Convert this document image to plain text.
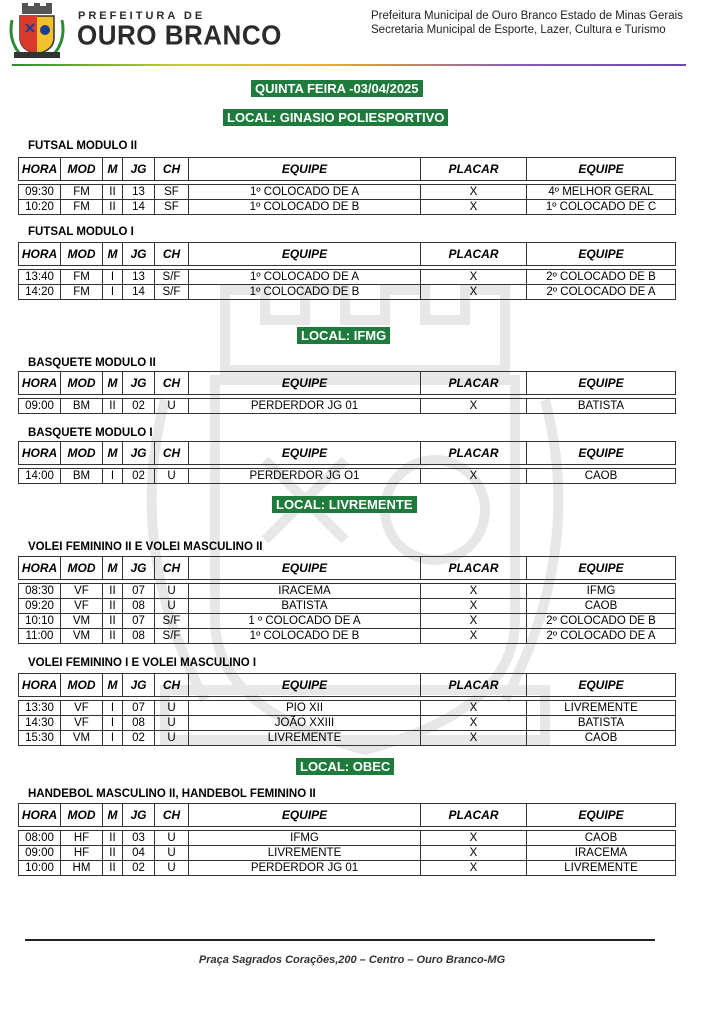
PREFEITURA DE
OURO BRANCO
Prefeitura Municipal de Ouro Branco Estado de Minas Gerais
Secretaria Municipal de Esporte, Lazer, Cultura e Turismo
QUINTA FEIRA -03/04/2025
LOCAL: GINASIO POLIESPORTIVO
FUTSAL MODULO II
HORA	MOD	M	JG	CH	EQUIPE	PLACAR	EQUIPE

09:30	FM	II	13	SF	1º COLOCADO DE A	X	4º MELHOR GERAL
10:20	FM	II	14	SF	1º COLOCADO DE B	X	1º COLOCADO DE C
FUTSAL MODULO I
HORA	MOD	M	JG	CH	EQUIPE	PLACAR	EQUIPE

13:40	FM	I	13	S/F	1º COLOCADO DE A	X	2º COLOCADO DE B
14:20	FM	I	14	S/F	1º COLOCADO DE B	X	2º COLOCADO DE A
LOCAL: IFMG
BASQUETE MODULO II
HORA	MOD	M	JG	CH	EQUIPE	PLACAR	EQUIPE

09:00	BM	II	02	U	PERDERDOR JG 01	X	BATISTA
BASQUETE MODULO I
HORA	MOD	M	JG	CH	EQUIPE	PLACAR	EQUIPE

14:00	BM	I	02	U	PERDERDOR JG O1	X	CAOB
LOCAL: LIVREMENTE
VOLEI FEMININO II E VOLEI MASCULINO II
HORA	MOD	M	JG	CH	EQUIPE	PLACAR	EQUIPE

08:30	VF	II	07	U	IRACEMA	X	IFMG
09:20	VF	II	08	U	BATISTA	X	CAOB
10:10	VM	II	07	S/F	1 º COLOCADO DE A	X	2º COLOCADO DE B
11:00	VM	II	08	S/F	1º COLOCADO DE B	X	2º COLOCADO DE A
VOLEI FEMININO I E VOLEI MASCULINO I
HORA	MOD	M	JG	CH	EQUIPE	PLACAR	EQUIPE

13:30	VF	I	07	U	PIO XII	X	LIVREMENTE
14:30	VF	I	08	U	JOÃO XXIII	X	BATISTA
15:30	VM	I	02	U	LIVREMENTE	X	CAOB
LOCAL: OBEC
HANDEBOL MASCULINO II, HANDEBOL FEMININO II
HORA	MOD	M	JG	CH	EQUIPE	PLACAR	EQUIPE

08:00	HF	II	03	U	IFMG	X	CAOB
09:00	HF	II	04	U	LIVREMENTE	X	IRACEMA
10:00	HM	II	02	U	PERDERDOR JG 01	X	LIVREMENTE
Praça Sagrados Corações,200 – Centro – Ouro Branco-MG
